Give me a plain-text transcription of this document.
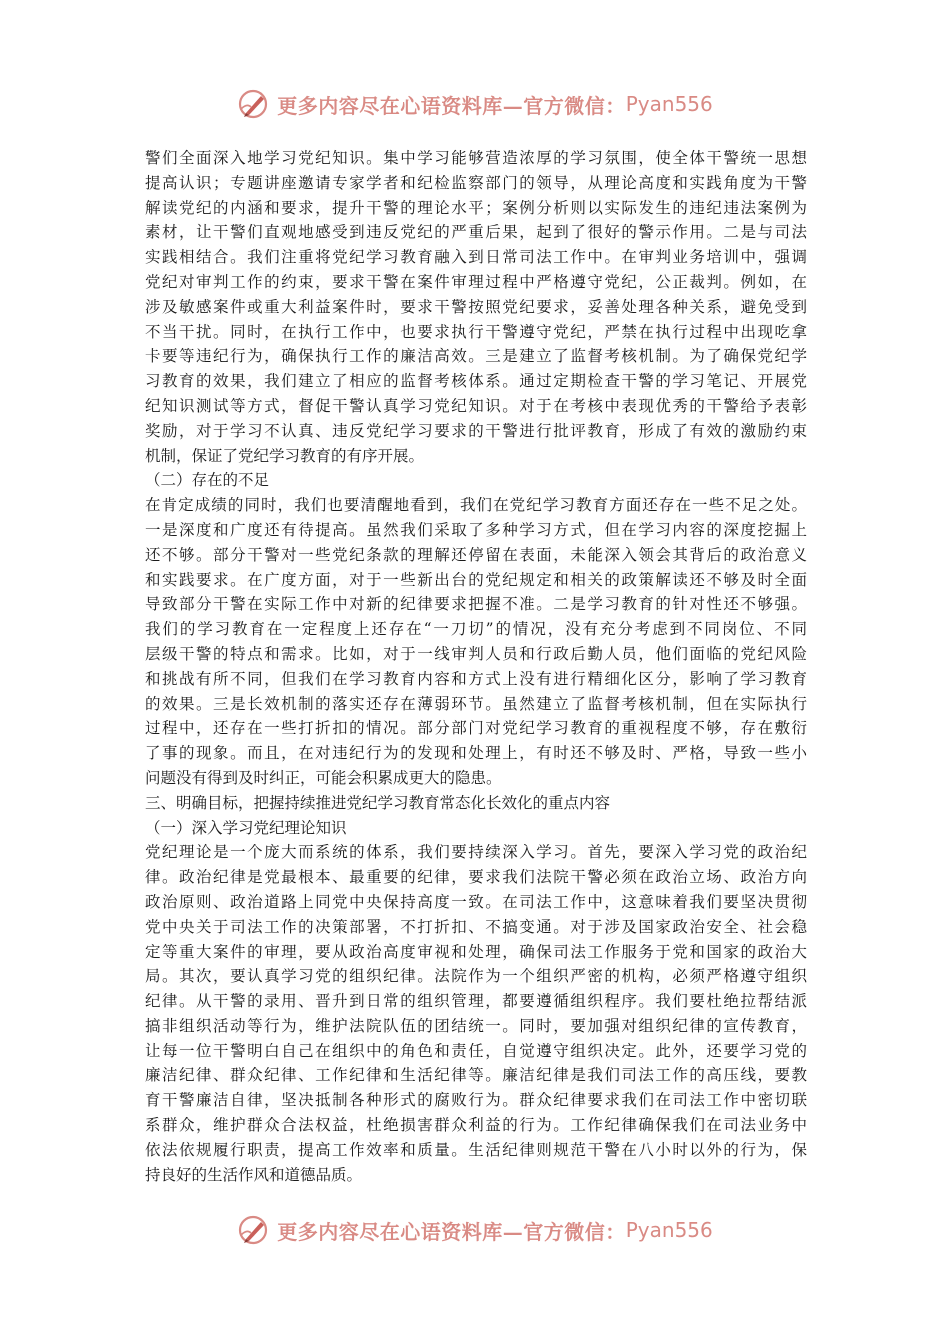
更多内容尽在心语资料库—官方微信： Pyan556
警们全面深入地学习党纪知识。集中学习能够营造浓厚的学习氛围，使全体干警统一思想
提高认识；专题讲座邀请专家学者和纪检监察部门的领导，从理论高度和实践角度为干警
解读党纪的内涵和要求，提升干警的理论水平；案例分析则以实际发生的违纪违法案例为
素材，让干警们直观地感受到违反党纪的严重后果，起到了很好的警示作用。二是与司法
实践相结合。我们注重将党纪学习教育融入到日常司法工作中。在审判业务培训中，强调
党纪对审判工作的约束，要求干警在案件审理过程中严格遵守党纪，公正裁判。例如，在
涉及敏感案件或重大利益案件时，要求干警按照党纪要求，妥善处理各种关系，避免受到
不当干扰。同时，在执行工作中，也要求执行干警遵守党纪，严禁在执行过程中出现吃拿
卡要等违纪行为，确保执行工作的廉洁高效。三是建立了监督考核机制。为了确保党纪学
习教育的效果，我们建立了相应的监督考核体系。通过定期检查干警的学习笔记、开展党
纪知识测试等方式，督促干警认真学习党纪知识。对于在考核中表现优秀的干警给予表彰
奖励，对于学习不认真、违反党纪学习要求的干警进行批评教育，形成了有效的激励约束
机制，保证了党纪学习教育的有序开展。
（二）存在的不足
在肯定成绩的同时，我们也要清醒地看到，我们在党纪学习教育方面还存在一些不足之处。
一是深度和广度还有待提高。虽然我们采取了多种学习方式，但在学习内容的深度挖掘上
还不够。部分干警对一些党纪条款的理解还停留在表面，未能深入领会其背后的政治意义
和实践要求。在广度方面，对于一些新出台的党纪规定和相关的政策解读还不够及时全面
导致部分干警在实际工作中对新的纪律要求把握不准。二是学习教育的针对性还不够强。
我们的学习教育在一定程度上还存在“一刀切”的情况，没有充分考虑到不同岗位、不同
层级干警的特点和需求。比如，对于一线审判人员和行政后勤人员，他们面临的党纪风险
和挑战有所不同，但我们在学习教育内容和方式上没有进行精细化区分，影响了学习教育
的效果。三是长效机制的落实还存在薄弱环节。虽然建立了监督考核机制，但在实际执行
过程中，还存在一些打折扣的情况。部分部门对党纪学习教育的重视程度不够，存在敷衍
了事的现象。而且，在对违纪行为的发现和处理上，有时还不够及时、严格，导致一些小
问题没有得到及时纠正，可能会积累成更大的隐患。
三、明确目标，把握持续推进党纪学习教育常态化长效化的重点内容
（一）深入学习党纪理论知识
党纪理论是一个庞大而系统的体系，我们要持续深入学习。首先，要深入学习党的政治纪
律。政治纪律是党最根本、最重要的纪律，要求我们法院干警必须在政治立场、政治方向
政治原则、政治道路上同党中央保持高度一致。在司法工作中，这意味着我们要坚决贯彻
党中央关于司法工作的决策部署，不打折扣、不搞变通。对于涉及国家政治安全、社会稳
定等重大案件的审理，要从政治高度审视和处理，确保司法工作服务于党和国家的政治大
局。其次，要认真学习党的组织纪律。法院作为一个组织严密的机构，必须严格遵守组织
纪律。从干警的录用、晋升到日常的组织管理，都要遵循组织程序。我们要杜绝拉帮结派
搞非组织活动等行为，维护法院队伍的团结统一。同时，要加强对组织纪律的宣传教育，
让每一位干警明白自己在组织中的角色和责任，自觉遵守组织决定。此外，还要学习党的
廉洁纪律、群众纪律、工作纪律和生活纪律等。廉洁纪律是我们司法工作的高压线，要教
育干警廉洁自律，坚决抵制各种形式的腐败行为。群众纪律要求我们在司法工作中密切联
系群众，维护群众合法权益，杜绝损害群众利益的行为。工作纪律确保我们在司法业务中
依法依规履行职责，提高工作效率和质量。生活纪律则规范干警在八小时以外的行为，保
持良好的生活作风和道德品质。
更多内容尽在心语资料库—官方微信： Pyan556
